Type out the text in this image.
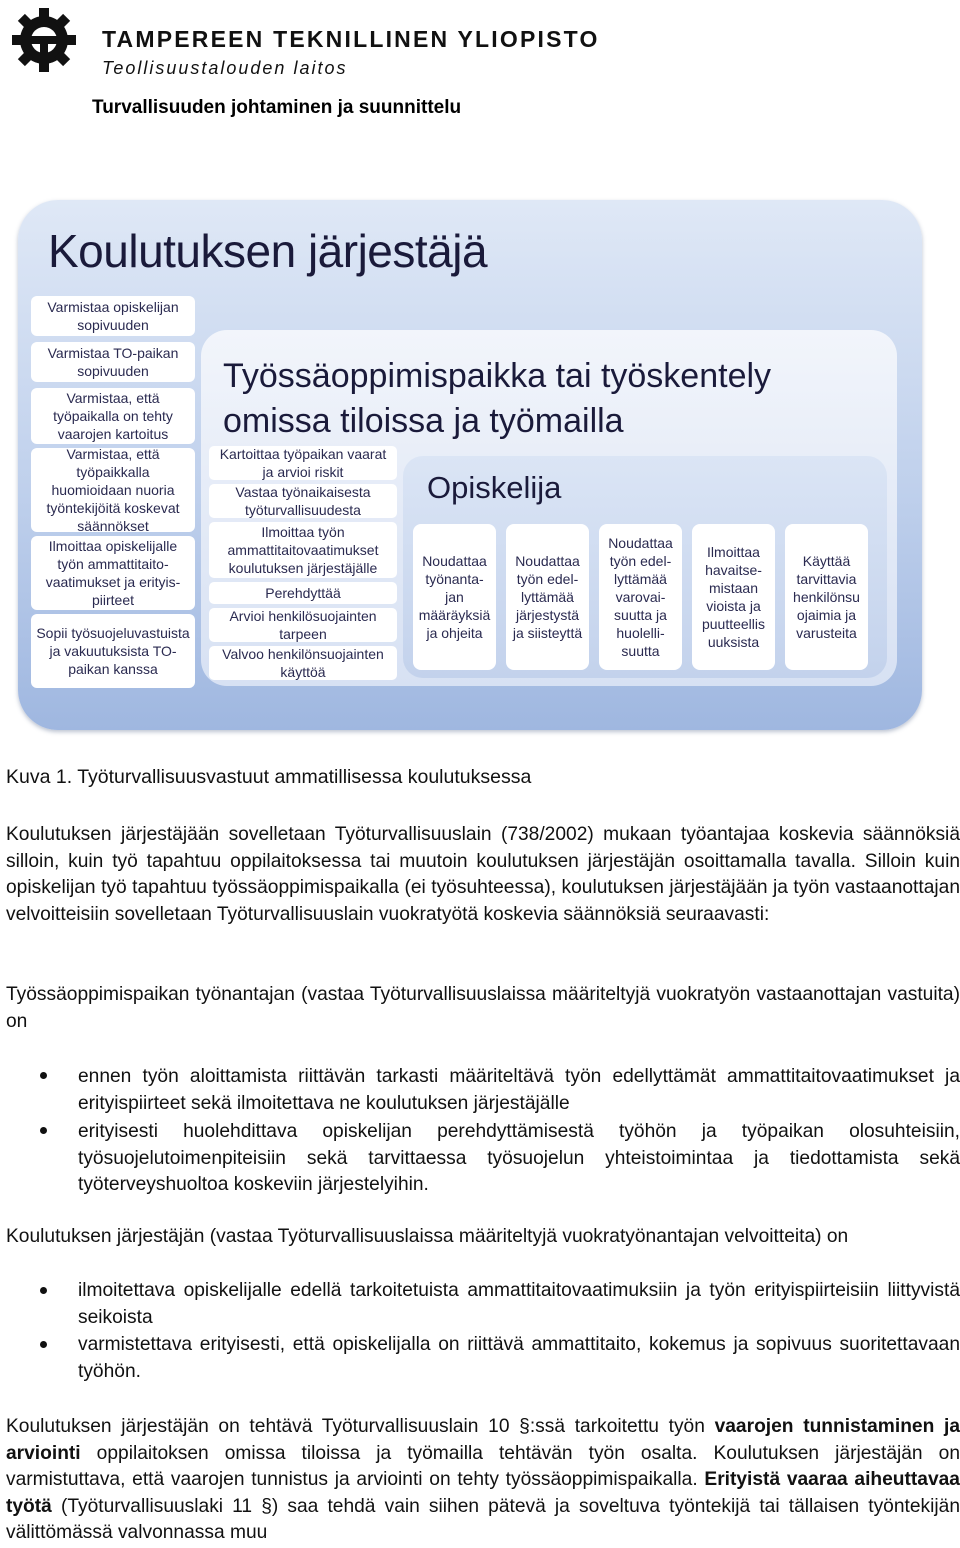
TAMPEREEN TEKNILLINEN YLIOPISTO
Teollisuustalouden laitos
Turvallisuuden johtaminen ja suunnittelu
Koulutuksen järjestäjä
Varmistaa opiskelijan sopivuuden
Varmistaa TO-paikan sopivuuden
Varmistaa, että työpaikalla on tehty vaarojen kartoitus
Varmistaa, että työpaikkalla huomioidaan nuoria työntekijöitä koskevat säännökset
Ilmoittaa opiskelijalle työn ammattitaito-vaatimukset ja erityis-piirteet
Sopii työsuojeluvastuista ja vakuutuksista TO-paikan kanssa
Työssäoppimispaikka tai työskentely
omissa tiloissa ja työmailla
Kartoittaa työpaikan vaarat ja arvioi riskit
Vastaa työnaikaisesta työturvallisuudesta
Ilmoittaa työn ammattitaitovaatimukset koulutuksen järjestäjälle
Perehdyttää
Arvioi henkilösuojainten tarpeen
Valvoo henkilönsuojainten käyttöä
Opiskelija
Noudattaa työnanta-jan määräyksiä ja ohjeita
Noudattaa työn edel-lyttämää järjestystä ja siisteyttä
Noudattaa työn edel-lyttämää varovai-suutta ja huolelli-suutta
Ilmoittaa havaitse-mistaan vioista ja puutteellis uuksista
Käyttää tarvittavia henkilönsu ojaimia ja varusteita
Kuva 1. Työturvallisuusvastuut ammatillisessa koulutuksessa

Koulutuksen järjestäjään sovelletaan Työturvallisuuslain (738/2002) mukaan työantajaa koskevia säännöksiä silloin, kuin työ tapahtuu oppilaitoksessa tai muutoin koulutuksen järjestäjän osoittamalla tavalla. Silloin kuin opiskelijan työ tapahtuu työssäoppimispaikalla (ei työsuhteessa), koulutuksen järjestäjään ja työn vastaanottajan velvoitteisiin sovelletaan Työturvallisuuslain vuokratyötä koskevia säännöksiä seuraavasti:

Työssäoppimispaikan työnantajan (vastaa Työturvallisuuslaissa määriteltyjä vuokratyön vastaanottajan vastuita) on

ennen työn aloittamista riittävän tarkasti määriteltävä työn edellyttämät ammattitaitovaatimukset ja erityispiirteet sekä ilmoitettava ne koulutuksen järjestäjälle

erityisesti huolehdittava opiskelijan perehdyttämisestä työhön ja työpaikan olosuhteisiin, työsuojelutoimenpiteisiin sekä tarvittaessa työsuojelun yhteistoimintaa ja tiedottamista sekä työterveyshuoltoa koskeviin järjestelyihin.

Koulutuksen järjestäjän (vastaa Työturvallisuuslaissa määriteltyjä vuokratyönantajan velvoitteita) on

ilmoitettava opiskelijalle edellä tarkoitetuista ammattitaitovaatimuksiin ja työn erityispiirteisiin liittyvistä seikoista

varmistettava erityisesti, että opiskelijalla on riittävä ammattitaito, kokemus ja sopivuus suoritettavaan työhön.

Koulutuksen järjestäjän on tehtävä Työturvallisuuslain 10 §:ssä tarkoitettu työn vaarojen tunnistaminen ja arviointi oppilaitoksen omissa tiloissa ja työmailla tehtävän työn osalta. Koulutuksen järjestäjän on varmistuttava, että vaarojen tunnistus ja arviointi on tehty työssäoppimispaikalla. Erityistä vaaraa aiheuttavaa työtä (Työturvallisuuslaki 11 §) saa tehdä vain siihen pätevä ja soveltuva työntekijä tai tällaisen työntekijän välittömässä valvonnassa muu
